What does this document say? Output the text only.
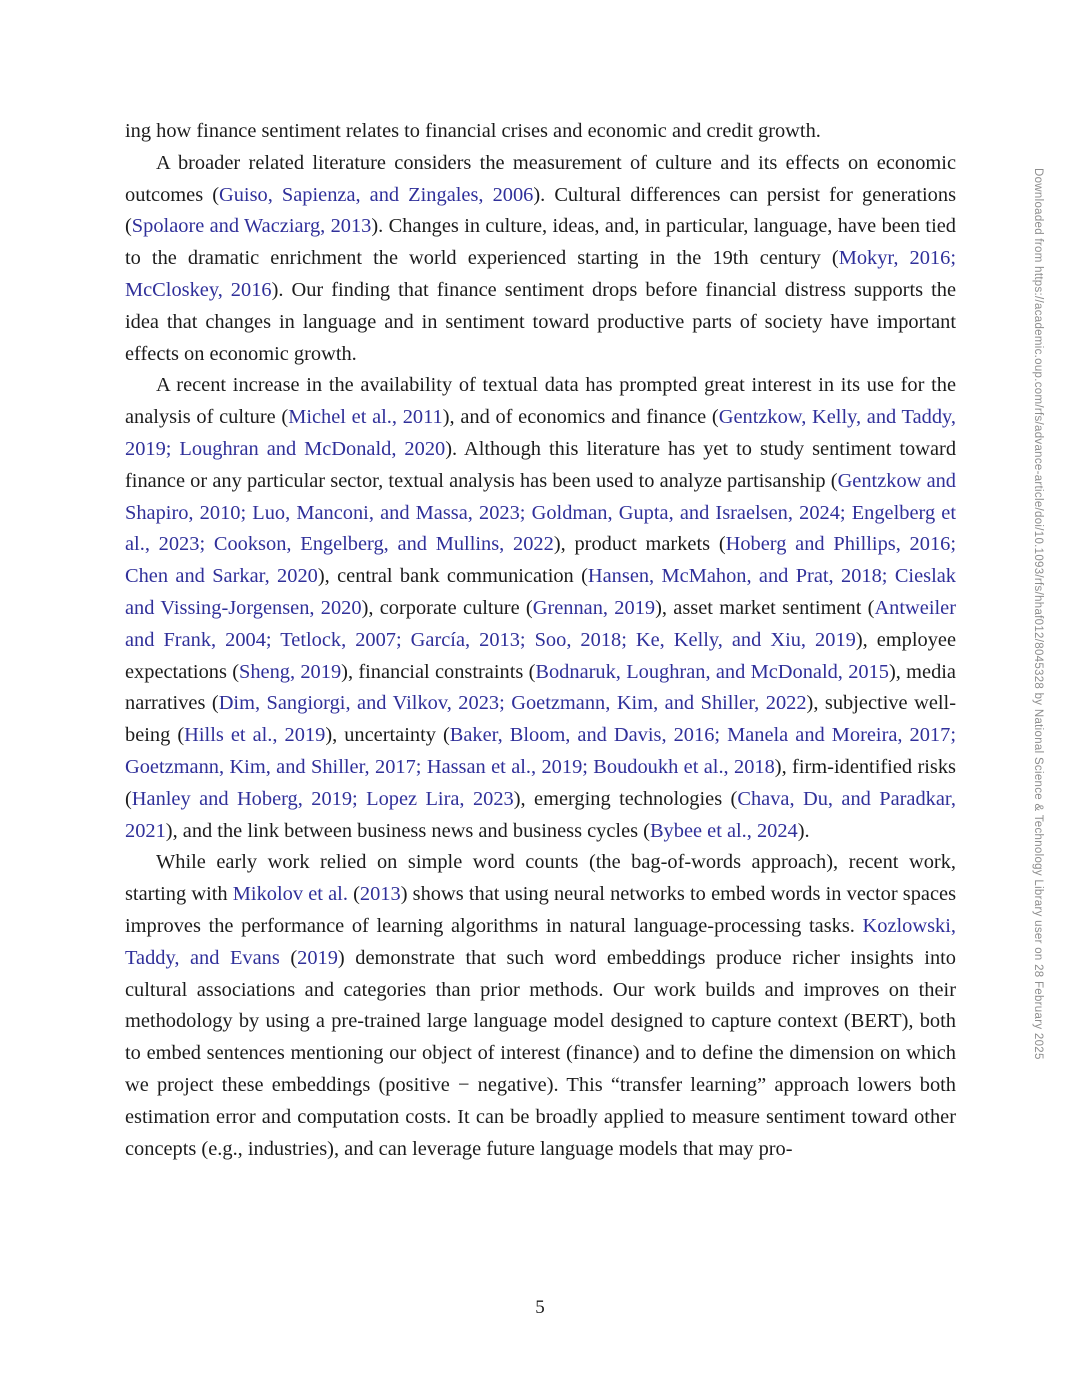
ing how finance sentiment relates to financial crises and economic and credit growth.

A broader related literature considers the measurement of culture and its effects on economic outcomes (Guiso, Sapienza, and Zingales, 2006). Cultural differences can persist for generations (Spolaore and Wacziarg, 2013). Changes in culture, ideas, and, in particular, language, have been tied to the dramatic enrichment the world experienced starting in the 19th century (Mokyr, 2016; McCloskey, 2016). Our finding that finance sentiment drops before financial distress supports the idea that changes in language and in sentiment toward productive parts of society have important effects on economic growth.

A recent increase in the availability of textual data has prompted great interest in its use for the analysis of culture (Michel et al., 2011), and of economics and finance (Gentzkow, Kelly, and Taddy, 2019; Loughran and McDonald, 2020). Although this literature has yet to study sentiment toward finance or any particular sector, textual analysis has been used to analyze partisanship (Gentzkow and Shapiro, 2010; Luo, Manconi, and Massa, 2023; Goldman, Gupta, and Israelsen, 2024; Engelberg et al., 2023; Cookson, Engelberg, and Mullins, 2022), product markets (Hoberg and Phillips, 2016; Chen and Sarkar, 2020), central bank communication (Hansen, McMahon, and Prat, 2018; Cieslak and Vissing-Jorgensen, 2020), corporate culture (Grennan, 2019), asset market sentiment (Antweiler and Frank, 2004; Tetlock, 2007; García, 2013; Soo, 2018; Ke, Kelly, and Xiu, 2019), employee expectations (Sheng, 2019), financial constraints (Bodnaruk, Loughran, and McDonald, 2015), media narratives (Dim, Sangiorgi, and Vilkov, 2023; Goetzmann, Kim, and Shiller, 2022), subjective well-being (Hills et al., 2019), uncertainty (Baker, Bloom, and Davis, 2016; Manela and Moreira, 2017; Goetzmann, Kim, and Shiller, 2017; Hassan et al., 2019; Boudoukh et al., 2018), firm-identified risks (Hanley and Hoberg, 2019; Lopez Lira, 2023), emerging technologies (Chava, Du, and Paradkar, 2021), and the link between business news and business cycles (Bybee et al., 2024).

While early work relied on simple word counts (the bag-of-words approach), recent work, starting with Mikolov et al. (2013) shows that using neural networks to embed words in vector spaces improves the performance of learning algorithms in natural language-processing tasks. Kozlowski, Taddy, and Evans (2019) demonstrate that such word embeddings produce richer insights into cultural associations and categories than prior methods. Our work builds and improves on their methodology by using a pre-trained large language model designed to capture context (BERT), both to embed sentences mentioning our object of interest (finance) and to define the dimension on which we project these embeddings (positive − negative). This “transfer learning” approach lowers both estimation error and computation costs. It can be broadly applied to measure sentiment toward other concepts (e.g., industries), and can leverage future language models that may pro-

Downloaded from https://academic.oup.com/rfs/advance-article/doi/10.1093/rfs/hhaf012/8045328 by National Science & Technology Library user on 28 February 2025
5
